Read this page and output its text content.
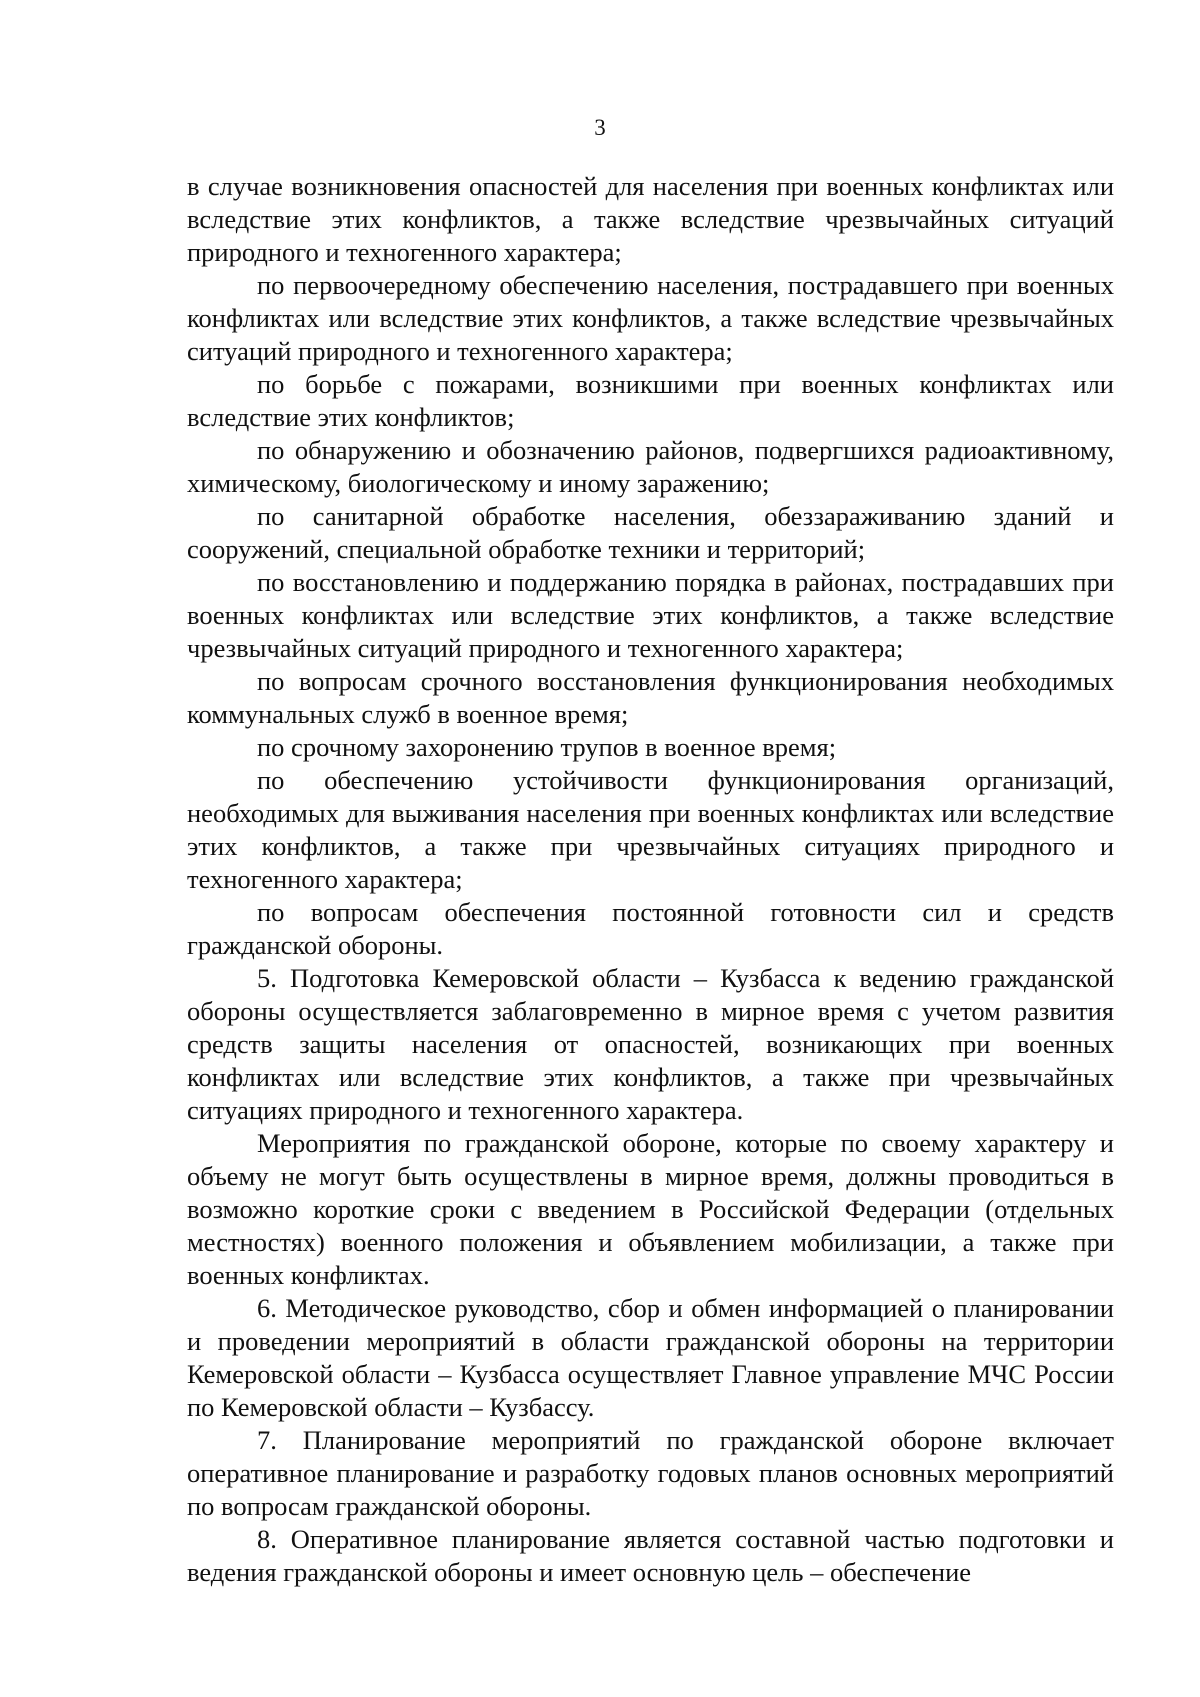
3

в случае возникновения опасностей для населения при военных конфликтах или вследствие этих конфликтов, а также вследствие чрезвычайных ситуаций природного и техногенного характера;

по первоочередному обеспечению населения, пострадавшего при военных конфликтах или вследствие этих конфликтов, а также вследствие чрезвычайных ситуаций природного и техногенного характера;

по борьбе с пожарами, возникшими при военных конфликтах или вследствие этих конфликтов;

по обнаружению и обозначению районов, подвергшихся радиоактивному, химическому, биологическому и иному заражению;

по санитарной обработке населения, обеззараживанию зданий и сооружений, специальной обработке техники и территорий;

по восстановлению и поддержанию порядка в районах, пострадавших при военных конфликтах или вследствие этих конфликтов, а также вследствие чрезвычайных ситуаций природного и техногенного характера;

по вопросам срочного восстановления функционирования необходимых коммунальных служб в военное время;

по срочному захоронению трупов в военное время;

по обеспечению устойчивости функционирования организаций, необходимых для выживания населения при военных конфликтах или вследствие этих конфликтов, а также при чрезвычайных ситуациях природного и техногенного характера;

по вопросам обеспечения постоянной готовности сил и средств гражданской обороны.

5. Подготовка Кемеровской области – Кузбасса к ведению гражданской обороны осуществляется заблаговременно в мирное время с учетом развития средств защиты населения от опасностей, возникающих при военных конфликтах или вследствие этих конфликтов, а также при чрезвычайных ситуациях природного и техногенного характера.

Мероприятия по гражданской обороне, которые по своему характеру и объему не могут быть осуществлены в мирное время, должны проводиться в возможно короткие сроки с введением в Российской Федерации (отдельных местностях) военного положения и объявлением мобилизации, а также при военных конфликтах.

6. Методическое руководство, сбор и обмен информацией о планировании и проведении мероприятий в области гражданской обороны на территории Кемеровской области – Кузбасса осуществляет Главное управление МЧС России по Кемеровской области – Кузбассу.

7. Планирование мероприятий по гражданской обороне включает оперативное планирование и разработку годовых планов основных мероприятий по вопросам гражданской обороны.

8. Оперативное планирование является составной частью подготовки и ведения гражданской обороны и имеет основную цель – обеспечение
